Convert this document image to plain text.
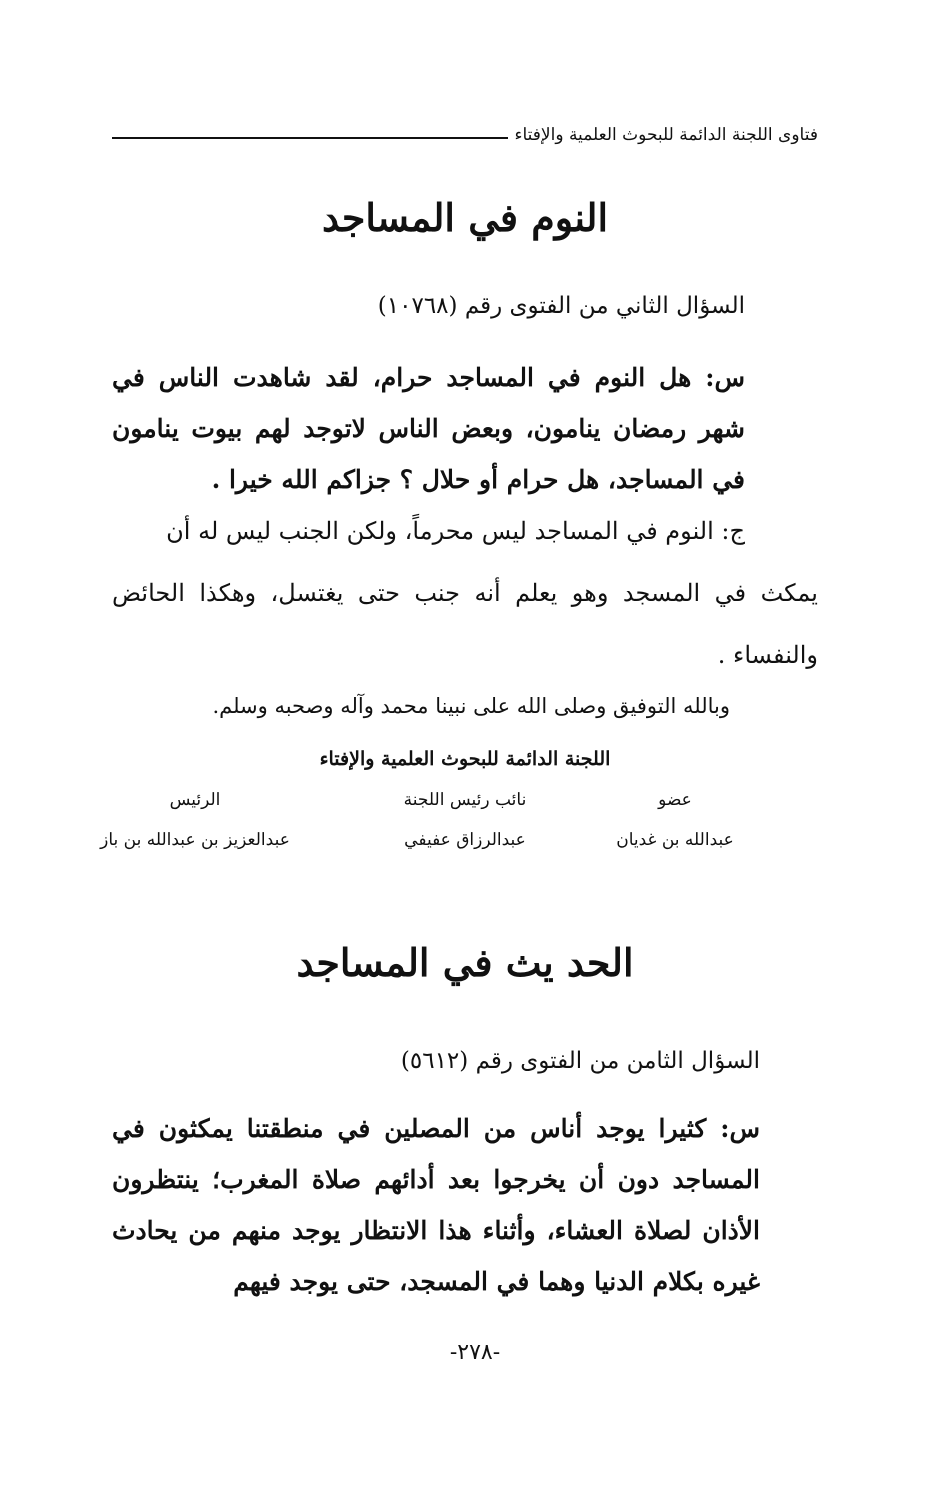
فتاوى اللجنة الدائمة للبحوث العلمية والإفتاء
النوم في المساجد
السؤال الثاني من الفتوى رقم (١٠٧٦٨)
س: هل النوم في المساجد حرام، لقد شاهدت الناس في شهر رمضان ينامون، وبعض الناس لاتوجد لهم بيوت ينامون في المساجد، هل حرام أو حلال ؟ جزاكم الله خيرا .
ج: النوم في المساجد ليس محرماً، ولكن الجنب ليس له أن
يمكث في المسجد وهو يعلم أنه جنب حتى يغتسل، وهكذا الحائض والنفساء .
وبالله التوفيق وصلى الله على نبينا محمد وآله وصحبه وسلم.
اللجنة الدائمة للبحوث العلمية والإفتاء
عضو
عبدالله بن غديان
نائب رئيس اللجنة
عبدالرزاق عفيفي
الرئيس
عبدالعزيز بن عبدالله بن باز
الحد يث في المساجد
السؤال الثامن من الفتوى رقم (٥٦١٢)
س: كثيرا يوجد أناس من المصلين في منطقتنا يمكثون في المساجد دون أن يخرجوا بعد أدائهم صلاة المغرب؛ ينتظرون الأذان لصلاة العشاء، وأثناء هذا الانتظار يوجد منهم من يحادث غيره بكلام الدنيا وهما في المسجد، حتى يوجد فيهم
-٢٧٨-
